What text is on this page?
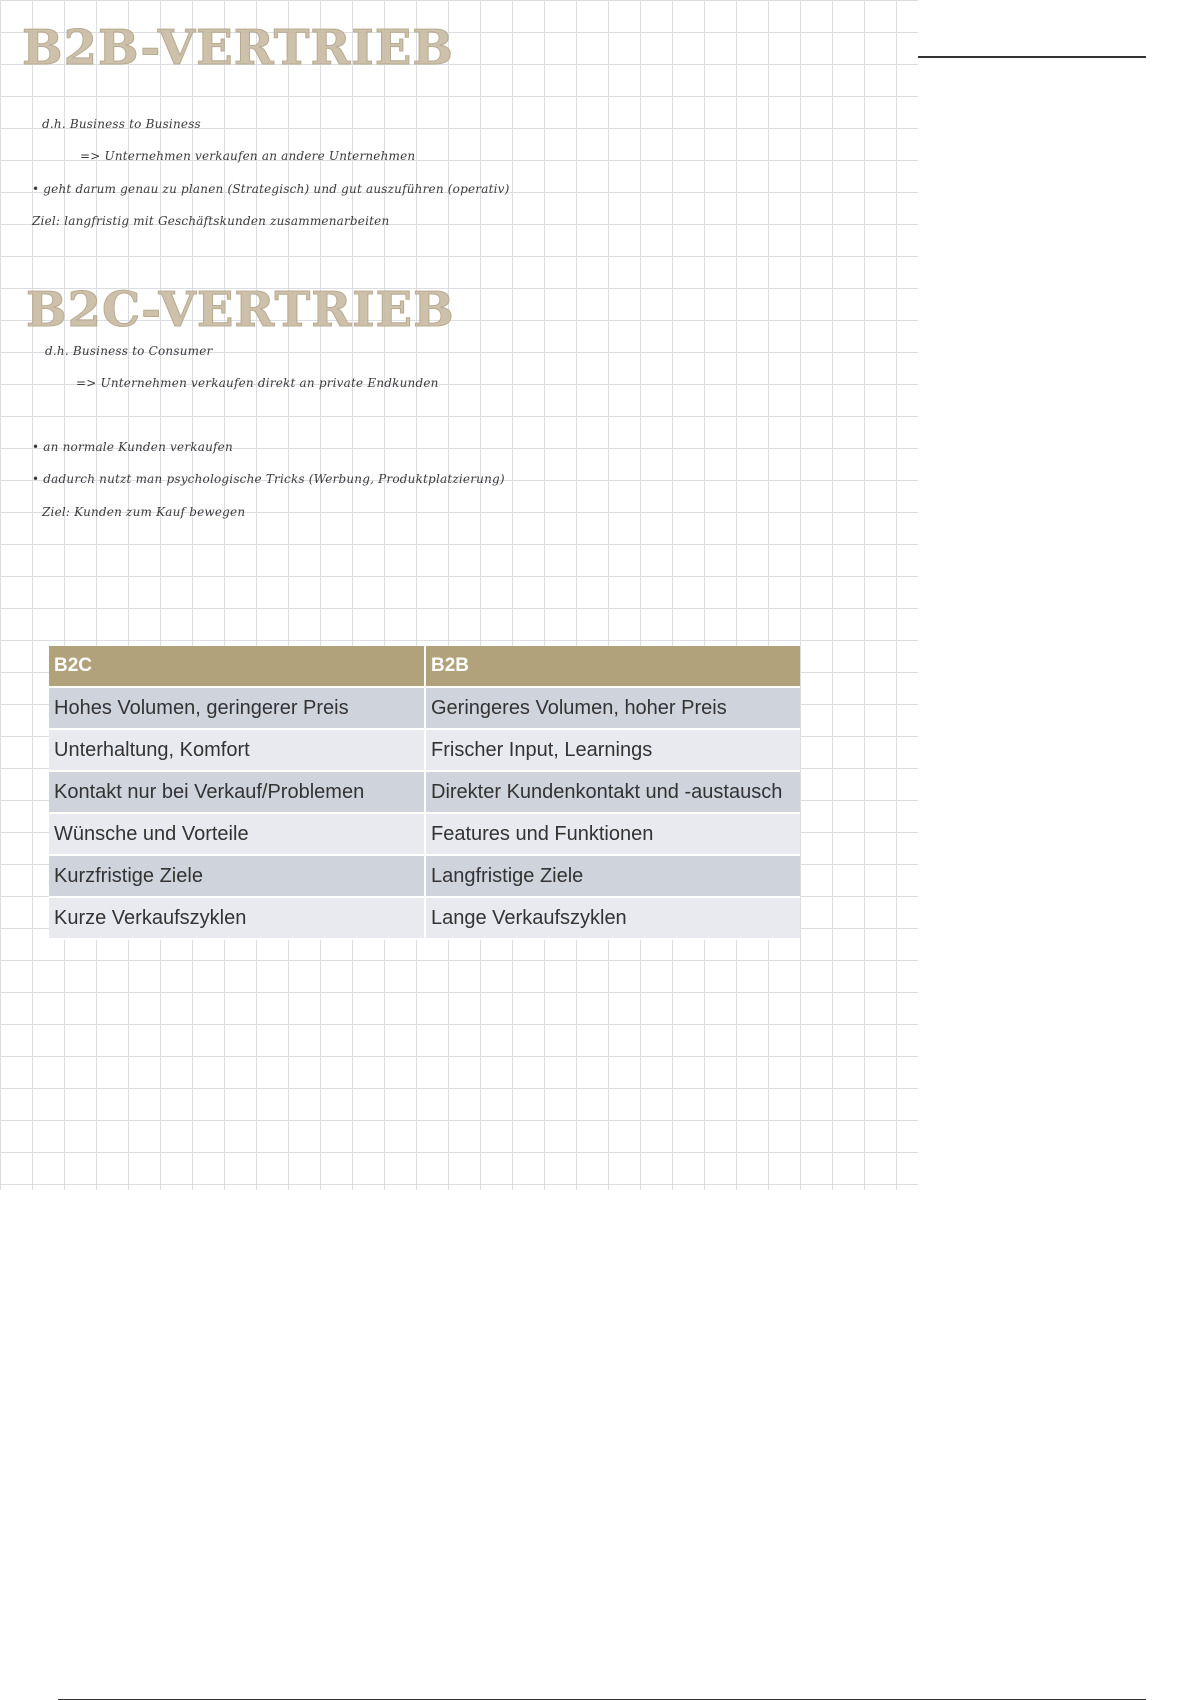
B2B-VERTRIEB
d.h. Business to Business
=> Unternehmen verkaufen an andere Unternehmen
• geht darum genau zu planen (Strategisch) und gut auszuführen (operativ)
Ziel: langfristig mit Geschäftskunden zusammenarbeiten
B2C-VERTRIEB
d.h. Business to Consumer
=> Unternehmen verkaufen direkt an private Endkunden
• an normale Kunden verkaufen
• dadurch nutzt man psychologische Tricks (Werbung, Produktplatzierung)
Ziel: Kunden zum Kauf bewegen
B2C	B2B
Hohes Volumen, geringerer Preis	Geringeres Volumen, hoher Preis
Unterhaltung, Komfort	Frischer Input, Learnings
Kontakt nur bei Verkauf/Problemen	Direkter Kundenkontakt und -austausch
Wünsche und Vorteile	Features und Funktionen
Kurzfristige Ziele	Langfristige Ziele
Kurze Verkaufszyklen	Lange Verkaufszyklen
